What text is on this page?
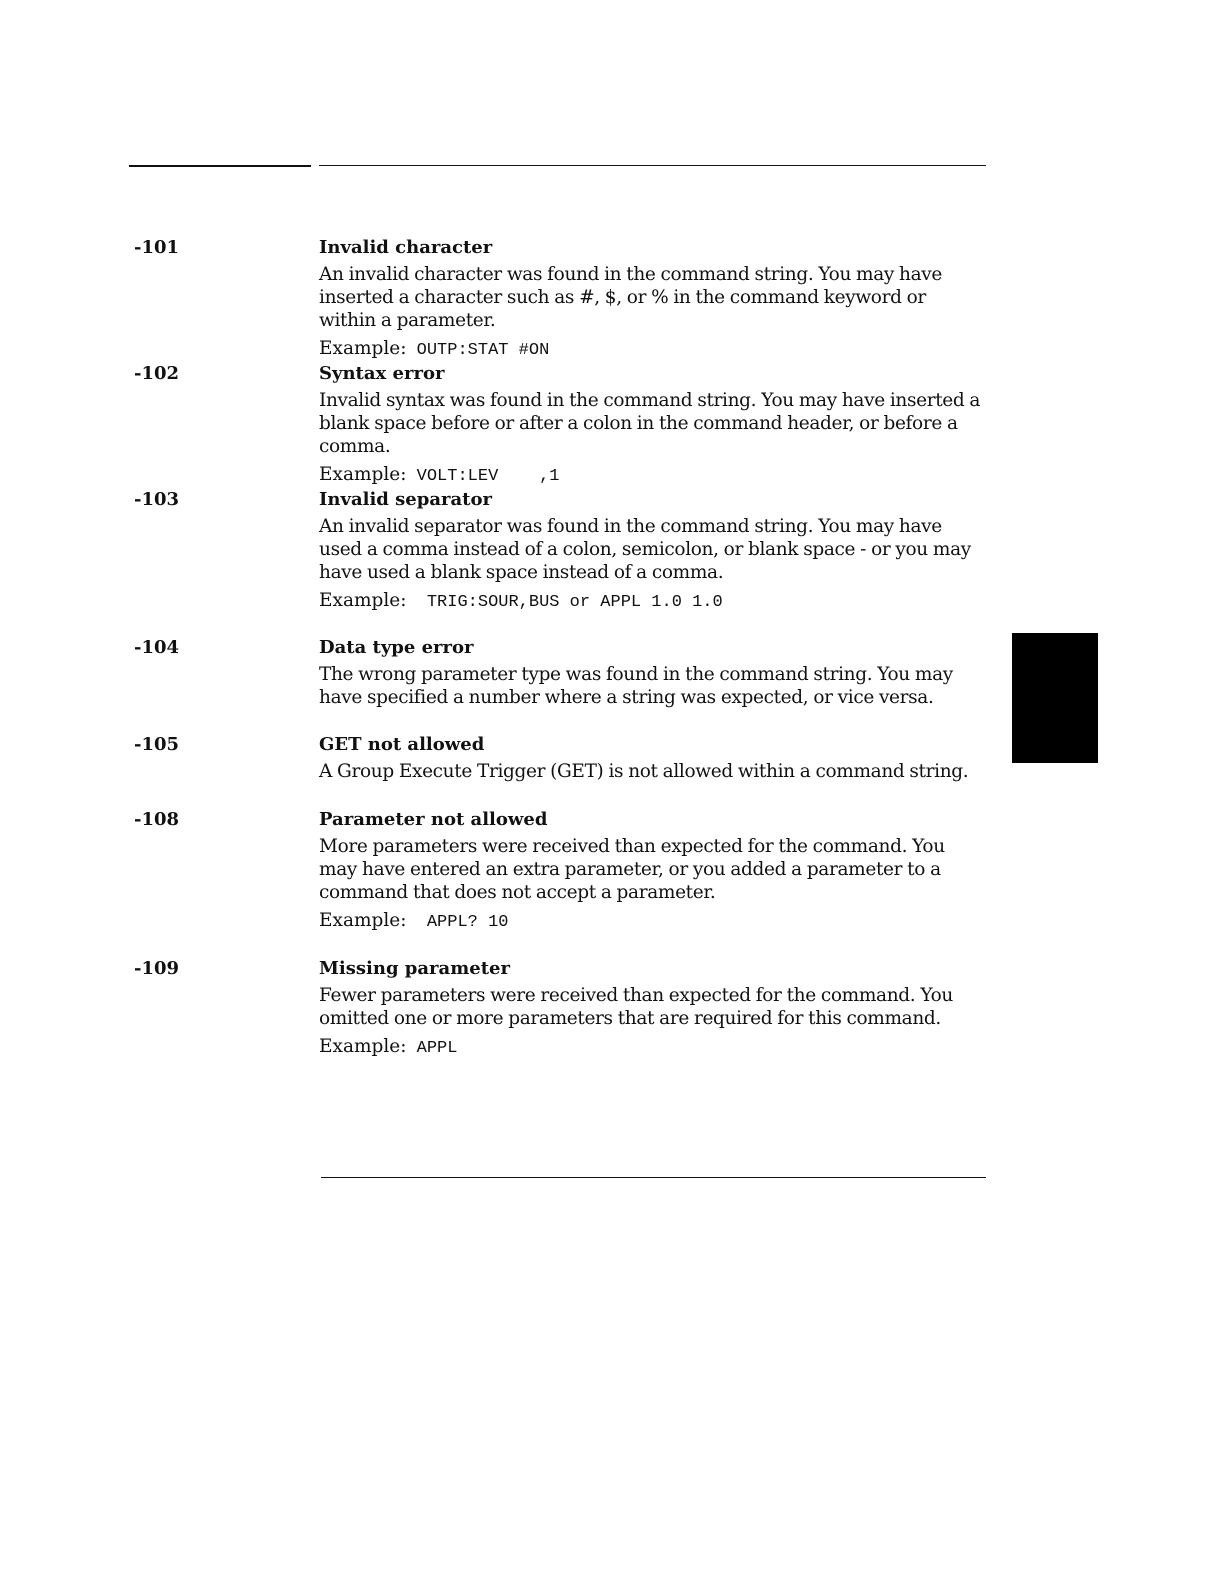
-101	Invalid character
An invalid character was found in the command string. You may have inserted a character such as #, $, or % in the command keyword or within a parameter.
Example: OUTP:STAT #ON
-102	Syntax error
Invalid syntax was found in the command string. You may have inserted a blank space before or after a colon in the command header, or before a comma.
Example: VOLT:LEV    ,1
-103	Invalid separator
An invalid separator was found in the command string. You may have used a comma instead of a colon, semicolon, or blank space - or you may have used a blank space instead of a comma.
Example:  TRIG:SOUR,BUS or APPL 1.0 1.0
-104	Data type error
The wrong parameter type was found in the command string. You may have specified a number where a string was expected, or vice versa.
-105	GET not allowed
A Group Execute Trigger (GET) is not allowed within a command string.
-108	Parameter not allowed
More parameters were received than expected for the command. You may have entered an extra parameter, or you added a parameter to a command that does not accept a parameter.
Example:  APPL? 10
-109	Missing parameter
Fewer parameters were received than expected for the command. You omitted one or more parameters that are required for this command.
Example: APPL
